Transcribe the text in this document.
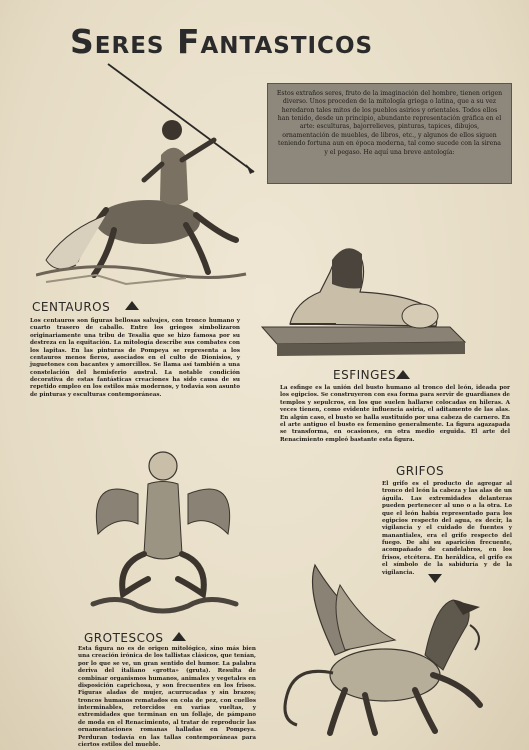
Seres Fantasticos
Estos extraños seres, fruto de la imaginación del hombre, tienen origen diverso. Unos proceden de la mitología griega o latina, que a su vez heredaron tales mitos de los pueblos asirios y orientales. Todos ellos han tenido, desde un principio, abundante representación gráfica en el arte: esculturas, bajorrelieves, pinturas, tapices, dibujos, ornamentación de muebles, de libros, etc., y algunos de ellos siguen teniendo fortuna aun en época moderna, tal como sucede con la sirena y el pegaso. He aquí una breve antología:
CENTAUROS
Los centauros son figuras bellosas salvajes, con tronco humano y cuarto trasero de caballo. Entre los griegos simbolizaron originariamente una tribu de Tesalia que se hizo famosa por su destreza en la equitación. La mitología describe sus combates con los lapitas. En las pinturas de Pompeya se representa a los centauros menos fieros, asociados en el culto de Dionisios, y juguetones con bacantes y amorcillos. Se llama así también a una constelación del hemisferio austral. La notable condición decorativa de estas fantásticas creaciones ha sido causa de su repetido empleo en los estilos más modernos, y todavía son asunto de pinturas y esculturas contemporáneas.
ESFINGES
La esfinge es la unión del busto humano al tronco del león, ideada por los egipcios. Se construyeron con esa forma para servir de guardianes de templos y sepulcros, en los que suelen hallarse colocadas en hileras. A veces tienen, como evidente influencia asiria, el aditamento de las alas. En algún caso, el busto se halla sustituído por una cabeza de carnero. En el arte antiguo el busto es femenino generalmente. La figura agazapada se transforma, en ocasiones, en otra medio erguida. El arte del Renacimiento empleó bastante esta figura.
GROTESCOS
Esta figura no es de origen mitológico, sino más bien una creación irónica de los tallistas clásicos, que tenían, por lo que se ve, un gran sentido del humor. La palabra deriva del italiano «grotta» (gruta). Resulta de combinar organismos humanos, animales y vegetales en disposición caprichosa, y son frecuentes en los frisos. Figuras aladas de mujer, acurrucadas y sin brazos; troncos humanos rematados en cola de pez, con cuellos interminables, retorcidos en varias vueltas, y extremidades que terminan en un follaje, de pámpano de moda en el Renacimiento, al tratar de reproducir las ornamentaciones romanas halladas en Pompeya. Perduran todavía en las tallas contemporáneas para ciertos estilos del mueble.
GRIFOS
El grifo es el producto de agregar al tronco del león la cabeza y las alas de un águila. Las extremidades delanteras pueden pertenecer al uno o a la otra. Lo que el león había representado para los egipcios respecto del agua, es decir, la vigilancia y el cuidado de fuentes y manantiales, era el grifo respecto del fuego. De ahí su aparición frecuente, acompañado de candelabros, en los frisos, etcétera. En heráldica, el grifo es el símbolo de la sabiduría y de la vigilancia.
